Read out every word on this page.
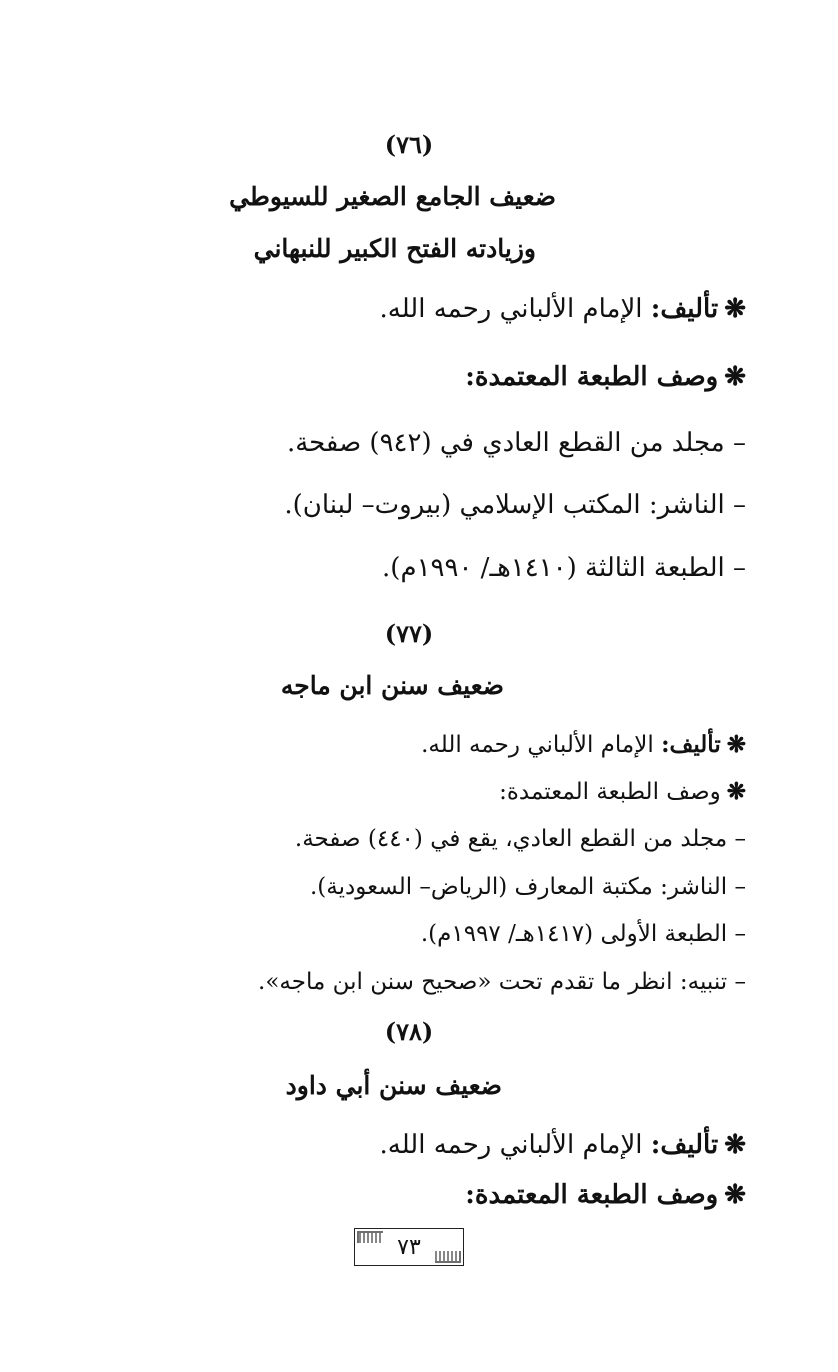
(٧٦)
ضعيف الجامع الصغير للسيوطي
وزيادته الفتح الكبير للنبهاني
❋تأليف: الإمام الألباني رحمه الله.
❋وصف الطبعة المعتمدة:
– مجلد من القطع العادي في (٩٤٢) صفحة.
– الناشر: المكتب الإسلامي (بيروت– لبنان).
– الطبعة الثالثة (١٤١٠هـ/ ١٩٩٠م).
(٧٧)
ضعيف سنن ابن ماجه
❋تأليف: الإمام الألباني رحمه الله.
❋وصف الطبعة المعتمدة:
– مجلد من القطع العادي، يقع في (٤٤٠) صفحة.
– الناشر: مكتبة المعارف (الرياض– السعودية).
– الطبعة الأولى (١٤١٧هـ/ ١٩٩٧م).
– تنبيه: انظر ما تقدم تحت «صحيح سنن ابن ماجه».
(٧٨)
ضعيف سنن أبي داود
❋تأليف: الإمام الألباني رحمه الله.
❋وصف الطبعة المعتمدة:
٧٣
